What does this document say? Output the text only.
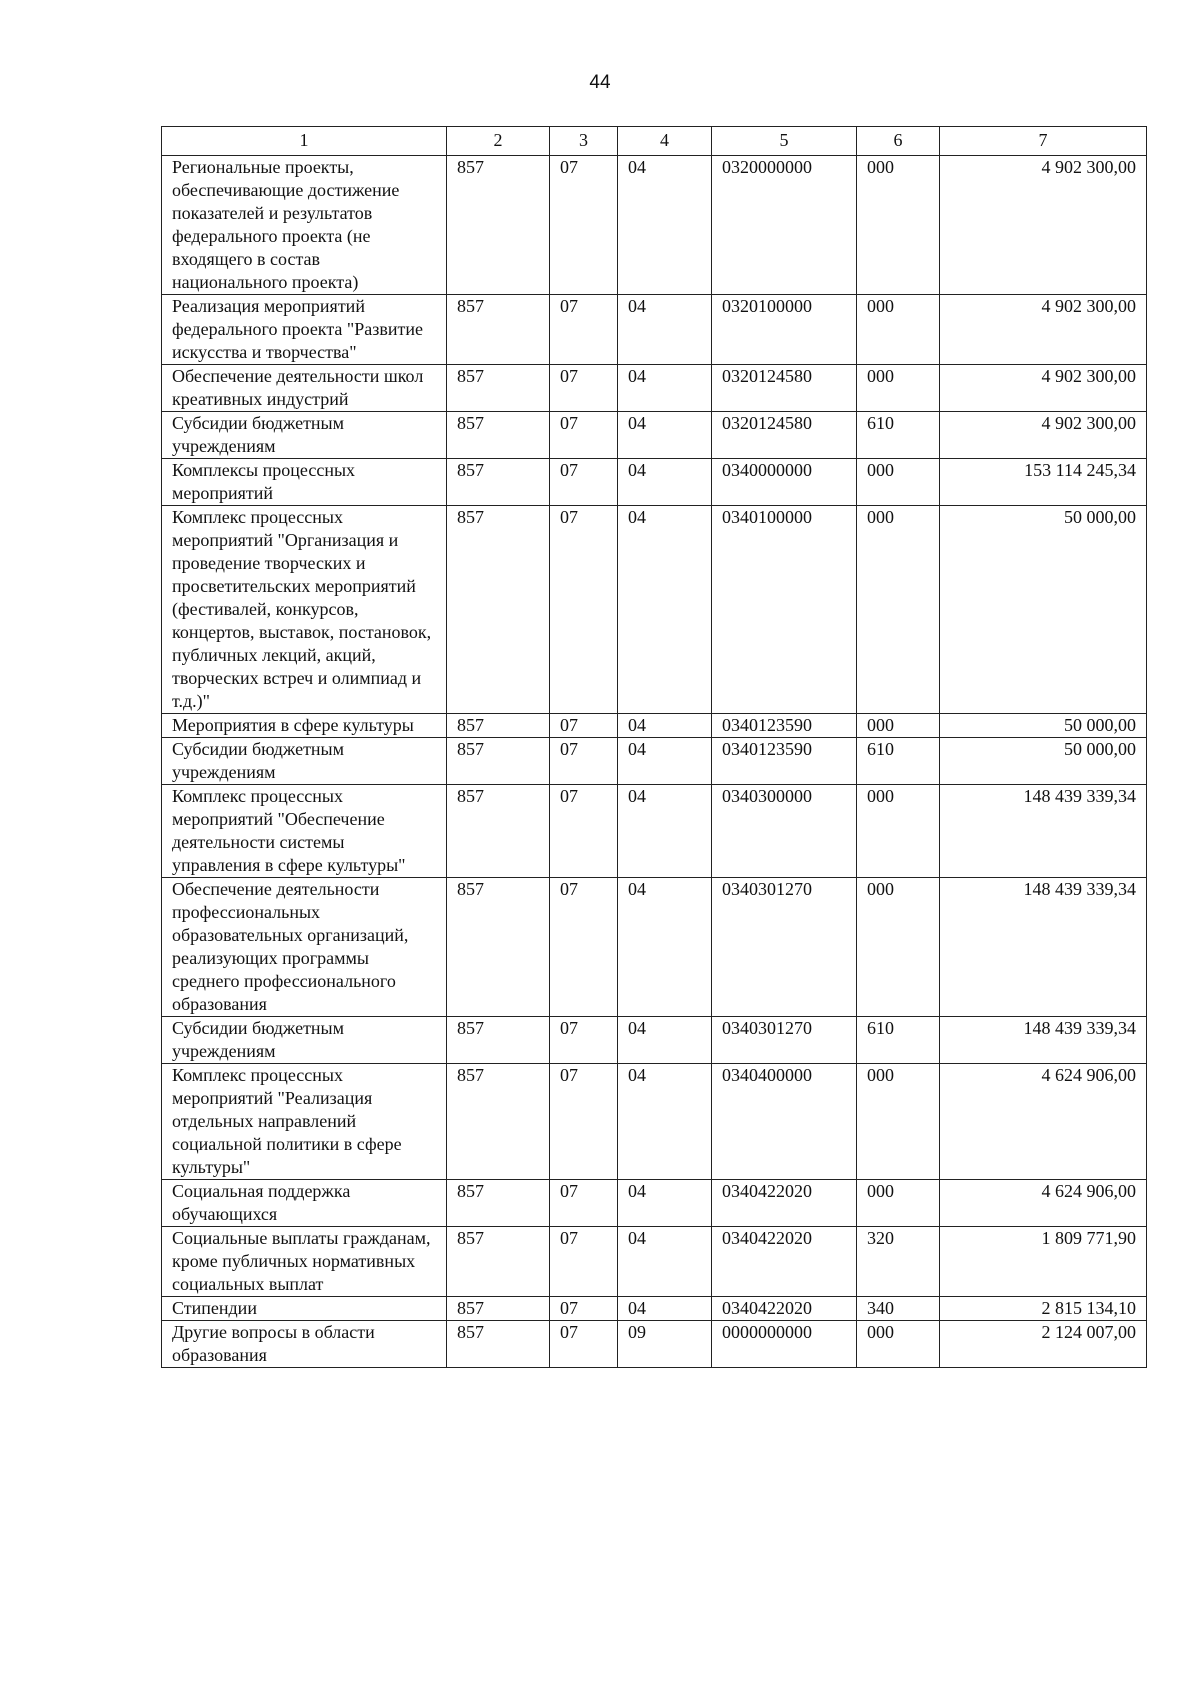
44
1	2	3	4	5	6	7
Региональные проекты, обеспечивающие достижение показателей и результатов федерального проекта (не входящего в состав национального проекта)	857	07	04	0320000000	000	4 902 300,00
Реализация мероприятий федерального проекта "Развитие искусства и творчества"	857	07	04	0320100000	000	4 902 300,00
Обеспечение деятельности школ креативных индустрий	857	07	04	0320124580	000	4 902 300,00
Субсидии бюджетным учреждениям	857	07	04	0320124580	610	4 902 300,00
Комплексы процессных мероприятий	857	07	04	0340000000	000	153 114 245,34
Комплекс процессных мероприятий "Организация и проведение творческих и просветительских мероприятий (фестивалей, конкурсов, концертов, выставок, постановок, публичных лекций, акций, творческих встреч и олимпиад и т.д.)"	857	07	04	0340100000	000	50 000,00
Мероприятия в сфере культуры	857	07	04	0340123590	000	50 000,00
Субсидии бюджетным учреждениям	857	07	04	0340123590	610	50 000,00
Комплекс процессных мероприятий "Обеспечение деятельности системы управления в сфере культуры"	857	07	04	0340300000	000	148 439 339,34
Обеспечение деятельности профессиональных образовательных организаций, реализующих программы среднего профессионального образования	857	07	04	0340301270	000	148 439 339,34
Субсидии бюджетным учреждениям	857	07	04	0340301270	610	148 439 339,34
Комплекс процессных мероприятий "Реализация отдельных направлений социальной политики в сфере культуры"	857	07	04	0340400000	000	4 624 906,00
Социальная поддержка обучающихся	857	07	04	0340422020	000	4 624 906,00
Социальные выплаты гражданам, кроме публичных нормативных социальных выплат	857	07	04	0340422020	320	1 809 771,90
Стипендии	857	07	04	0340422020	340	2 815 134,10
Другие вопросы в области образования	857	07	09	0000000000	000	2 124 007,00
